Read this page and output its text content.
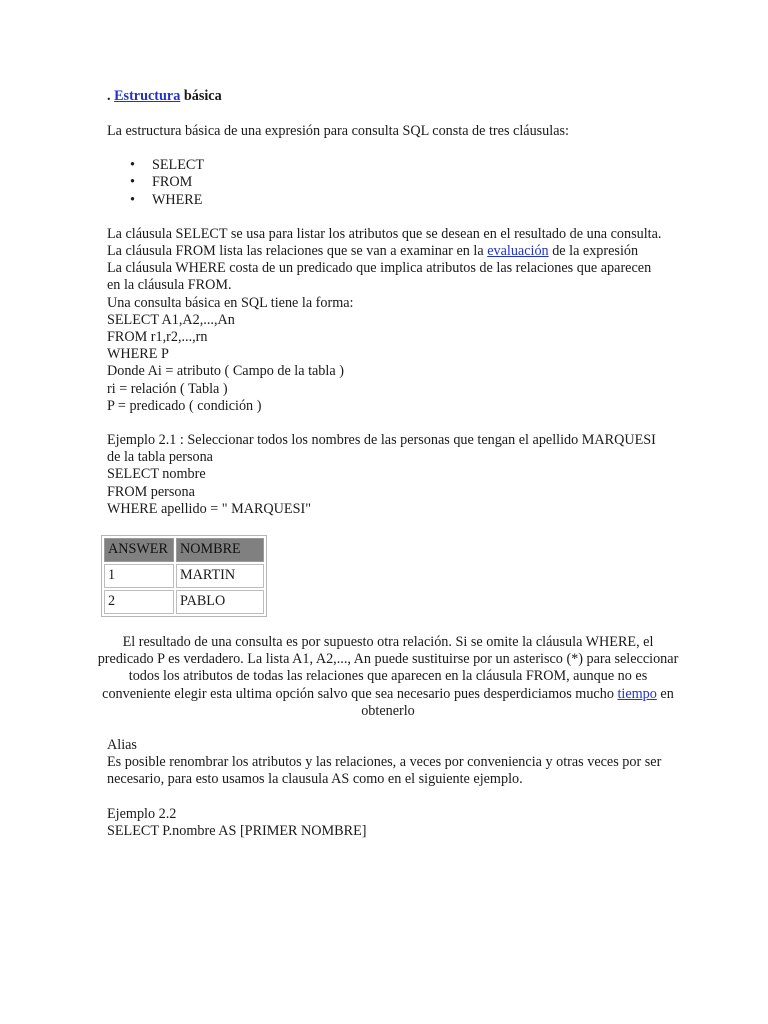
. Estructura básica

La estructura básica de una expresión para consulta SQL consta de tres cláusulas:

• SELECT
• FROM
• WHERE
La cláusula SELECT se usa para listar los atributos que se desean en el resultado de una consulta.
La cláusula FROM lista las relaciones que se van a examinar en la evaluación de la expresión
La cláusula WHERE costa de un predicado que implica atributos de las relaciones que aparecen en la cláusula FROM.
Una consulta básica en SQL tiene la forma:
SELECT A1,A2,...,An
FROM r1,r2,...,rn
WHERE P
Donde Ai = atributo ( Campo de la tabla )
ri = relación ( Tabla )
P = predicado ( condición )
Ejemplo 2.1 : Seleccionar todos los nombres de las personas que tengan el apellido MARQUESI de la tabla persona
SELECT nombre
FROM persona
WHERE apellido = " MARQUESI"
ANSWER	NOMBRE
1	MARTIN
2	PABLO

El resultado de una consulta es por supuesto otra relación. Si se omite la cláusula WHERE, el predicado P es verdadero. La lista A1, A2,..., An puede sustituirse por un asterisco (*) para seleccionar todos los atributos de todas las relaciones que aparecen en la cláusula FROM, aunque no es conveniente elegir esta ultima opción salvo que sea necesario pues desperdiciamos mucho tiempo en obtenerlo

Alias
Es posible renombrar los atributos y las relaciones, a veces por conveniencia y otras veces por ser necesario, para esto usamos la clausula AS como en el siguiente ejemplo.
Ejemplo 2.2
SELECT P.nombre AS [PRIMER NOMBRE]
